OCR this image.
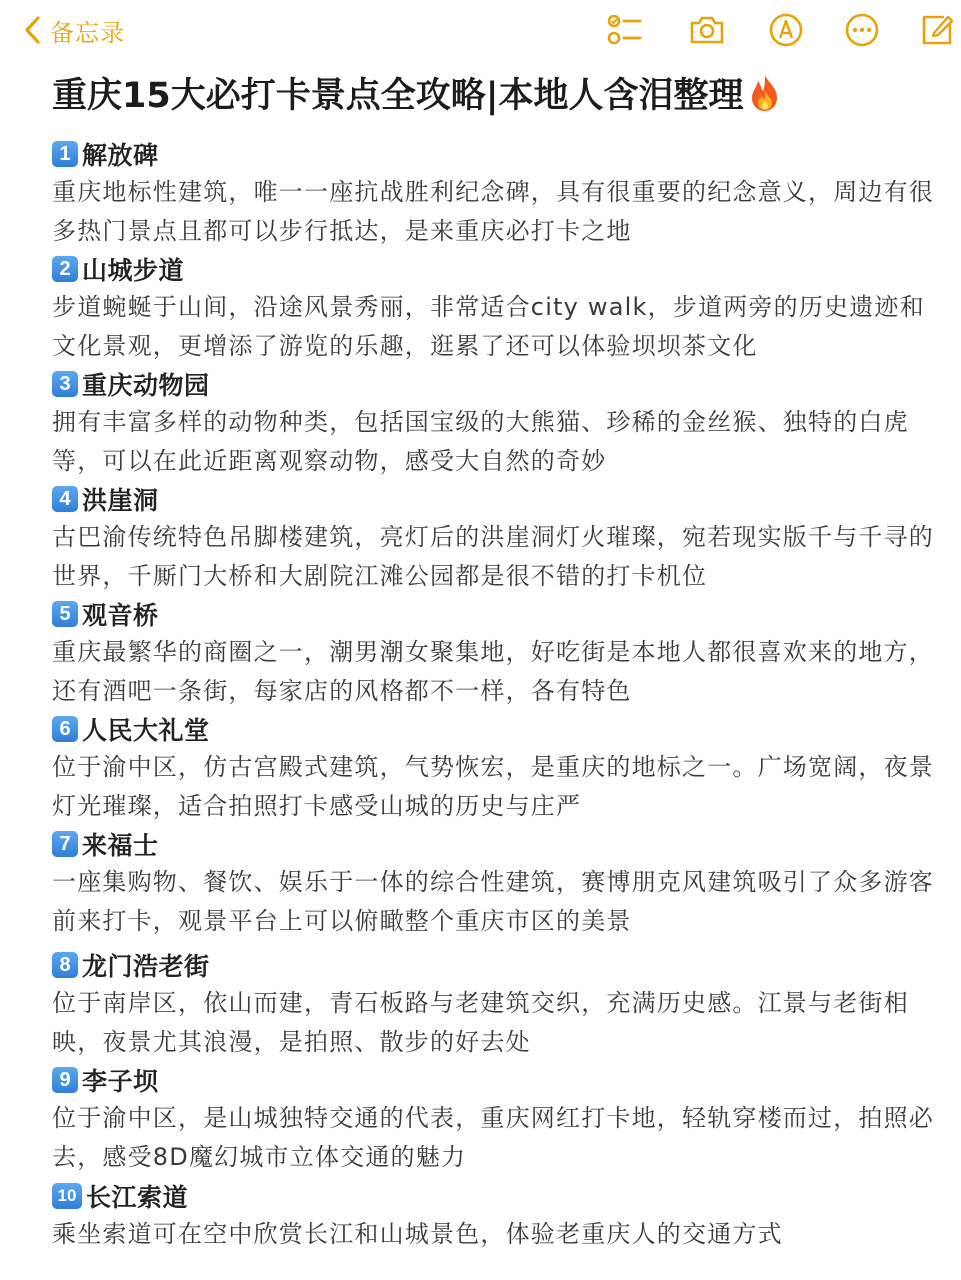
备忘录
重庆15大必打卡景点全攻略|本地人含泪整理
1 解放碑
重庆地标性建筑，唯一一座抗战胜利纪念碑，具有很重要的纪念意义，周边有很多热门景点且都可以步行抵达，是来重庆必打卡之地
2 山城步道
步道蜿蜒于山间，沿途风景秀丽，非常适合city walk，步道两旁的历史遗迹和文化景观，更增添了游览的乐趣，逛累了还可以体验坝坝茶文化
3 重庆动物园
拥有丰富多样的动物种类，包括国宝级的大熊猫、珍稀的金丝猴、独特的白虎等，可以在此近距离观察动物，感受大自然的奇妙
4 洪崖洞
古巴渝传统特色吊脚楼建筑，亮灯后的洪崖洞灯火璀璨，宛若现实版千与千寻的世界，千厮门大桥和大剧院江滩公园都是很不错的打卡机位
5 观音桥
重庆最繁华的商圈之一，潮男潮女聚集地，好吃街是本地人都很喜欢来的地方，还有酒吧一条街，每家店的风格都不一样，各有特色
6 人民大礼堂
位于渝中区，仿古宫殿式建筑，气势恢宏，是重庆的地标之一。广场宽阔，夜景灯光璀璨，适合拍照打卡感受山城的历史与庄严
7 来福士
一座集购物、餐饮、娱乐于一体的综合性建筑，赛博朋克风建筑吸引了众多游客前来打卡，观景平台上可以俯瞰整个重庆市区的美景
8 龙门浩老街
位于南岸区，依山而建，青石板路与老建筑交织，充满历史感。江景与老街相映，夜景尤其浪漫，是拍照、散步的好去处
9 李子坝
位于渝中区，是山城独特交通的代表，重庆网红打卡地，轻轨穿楼而过，拍照必去，感受8D魔幻城市立体交通的魅力
10 长江索道
乘坐索道可在空中欣赏长江和山城景色，体验老重庆人的交通方式
